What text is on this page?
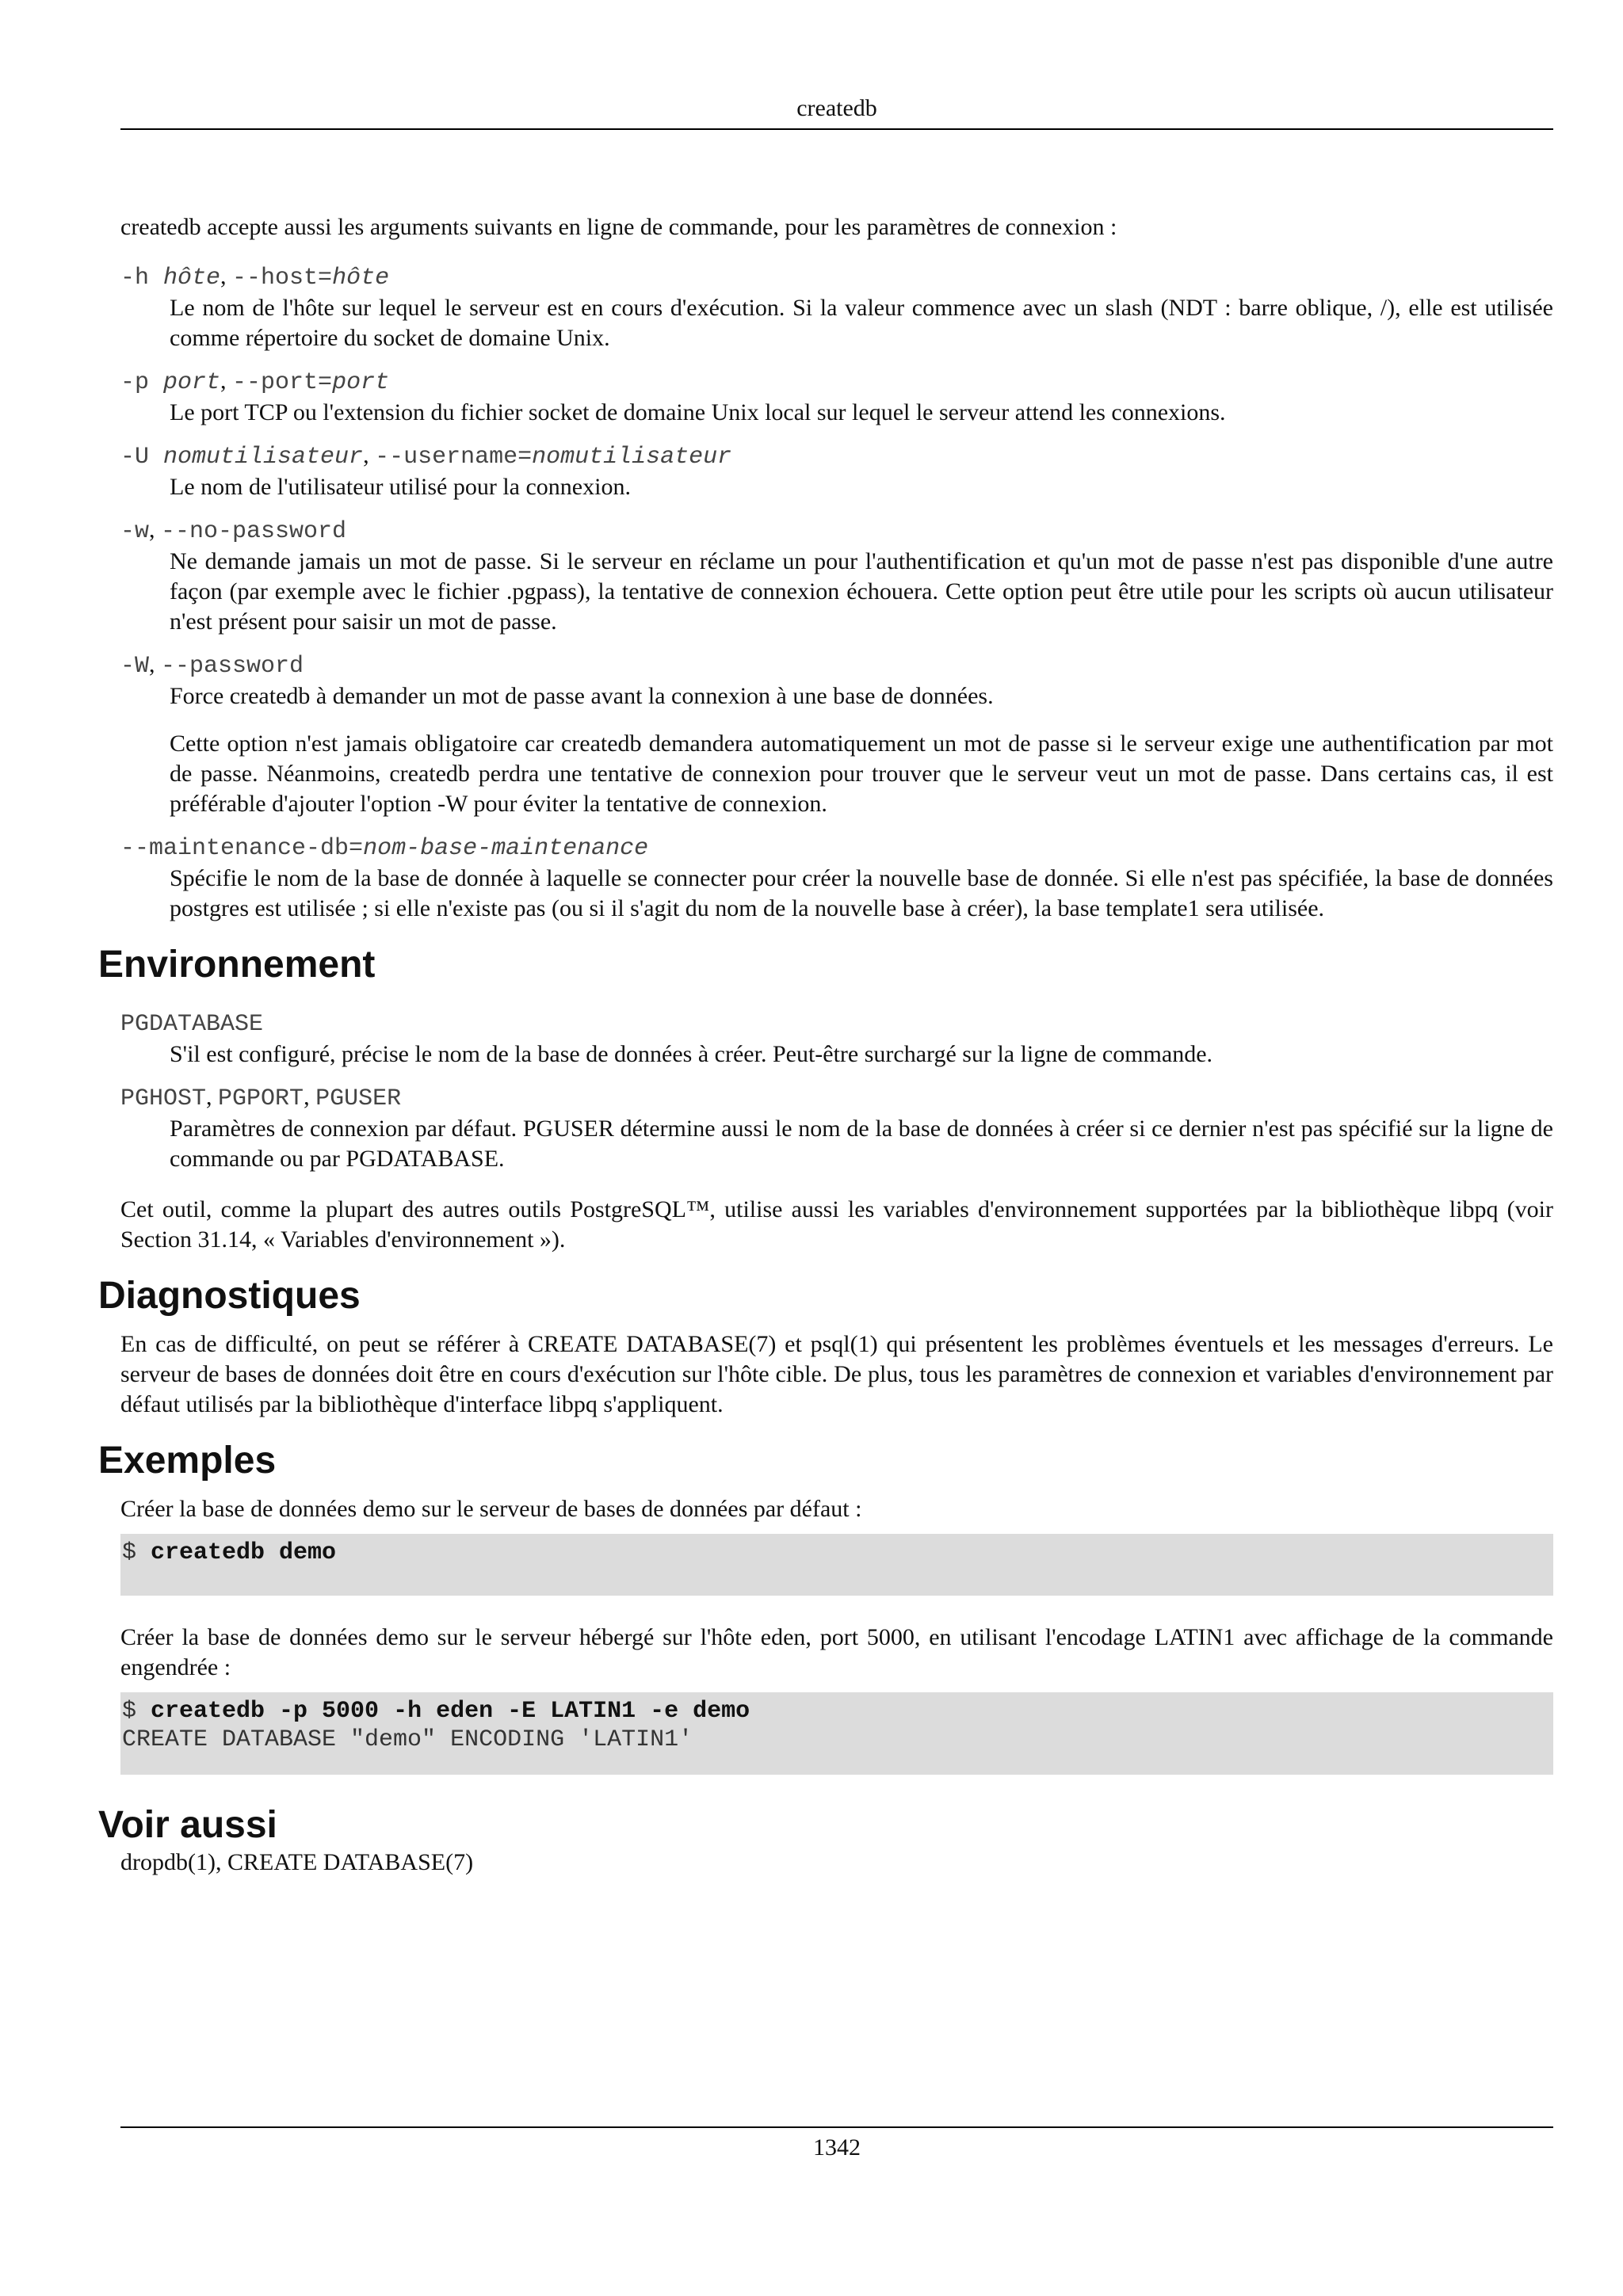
createdb

createdb accepte aussi les arguments suivants en ligne de commande, pour les paramètres de connexion :

-h hôte, --host=hôte
Le nom de l'hôte sur lequel le serveur est en cours d'exécution. Si la valeur commence avec un slash (NDT : barre oblique, /), elle est utilisée comme répertoire du socket de domaine Unix.
-p port, --port=port
Le port TCP ou l'extension du fichier socket de domaine Unix local sur lequel le serveur attend les connexions.
-U nomutilisateur, --username=nomutilisateur
Le nom de l'utilisateur utilisé pour la connexion.
-w, --no-password
Ne demande jamais un mot de passe. Si le serveur en réclame un pour l'authentification et qu'un mot de passe n'est pas disponible d'une autre façon (par exemple avec le fichier .pgpass), la tentative de connexion échouera. Cette option peut être utile pour les scripts où aucun utilisateur n'est présent pour saisir un mot de passe.
-W, --password
Force createdb à demander un mot de passe avant la connexion à une base de données.
Cette option n'est jamais obligatoire car createdb demandera automatiquement un mot de passe si le serveur exige une authentification par mot de passe. Néanmoins, createdb perdra une tentative de connexion pour trouver que le serveur veut un mot de passe. Dans certains cas, il est préférable d'ajouter l'option -W pour éviter la tentative de connexion.
--maintenance-db=nom-base-maintenance
Spécifie le nom de la base de donnée à laquelle se connecter pour créer la nouvelle base de donnée. Si elle n'est pas spécifiée, la base de données postgres est utilisée ; si elle n'existe pas (ou si il s'agit du nom de la nouvelle base à créer), la base template1 sera utilisée.
Environnement
PGDATABASE
S'il est configuré, précise le nom de la base de données à créer. Peut-être surchargé sur la ligne de commande.
PGHOST, PGPORT, PGUSER
Paramètres de connexion par défaut. PGUSER détermine aussi le nom de la base de données à créer si ce dernier n'est pas spécifié sur la ligne de commande ou par PGDATABASE.

Cet outil, comme la plupart des autres outils PostgreSQL™, utilise aussi les variables d'environnement supportées par la bibliothèque libpq (voir Section 31.14, « Variables d'environnement »).

Diagnostiques

En cas de difficulté, on peut se référer à CREATE DATABASE(7) et psql(1) qui présentent les problèmes éventuels et les messages d'erreurs. Le serveur de bases de données doit être en cours d'exécution sur l'hôte cible. De plus, tous les paramètres de connexion et variables d'environnement par défaut utilisés par la bibliothèque d'interface libpq s'appliquent.

Exemples

Créer la base de données demo sur le serveur de bases de données par défaut :

$ createdb demo

Créer la base de données demo sur le serveur hébergé sur l'hôte eden, port 5000, en utilisant l'encodage LATIN1 avec affichage de la commande engendrée :

$ createdb -p 5000 -h eden -E LATIN1 -e demo
CREATE DATABASE "demo" ENCODING 'LATIN1'
Voir aussi

dropdb(1), CREATE DATABASE(7)

1342
